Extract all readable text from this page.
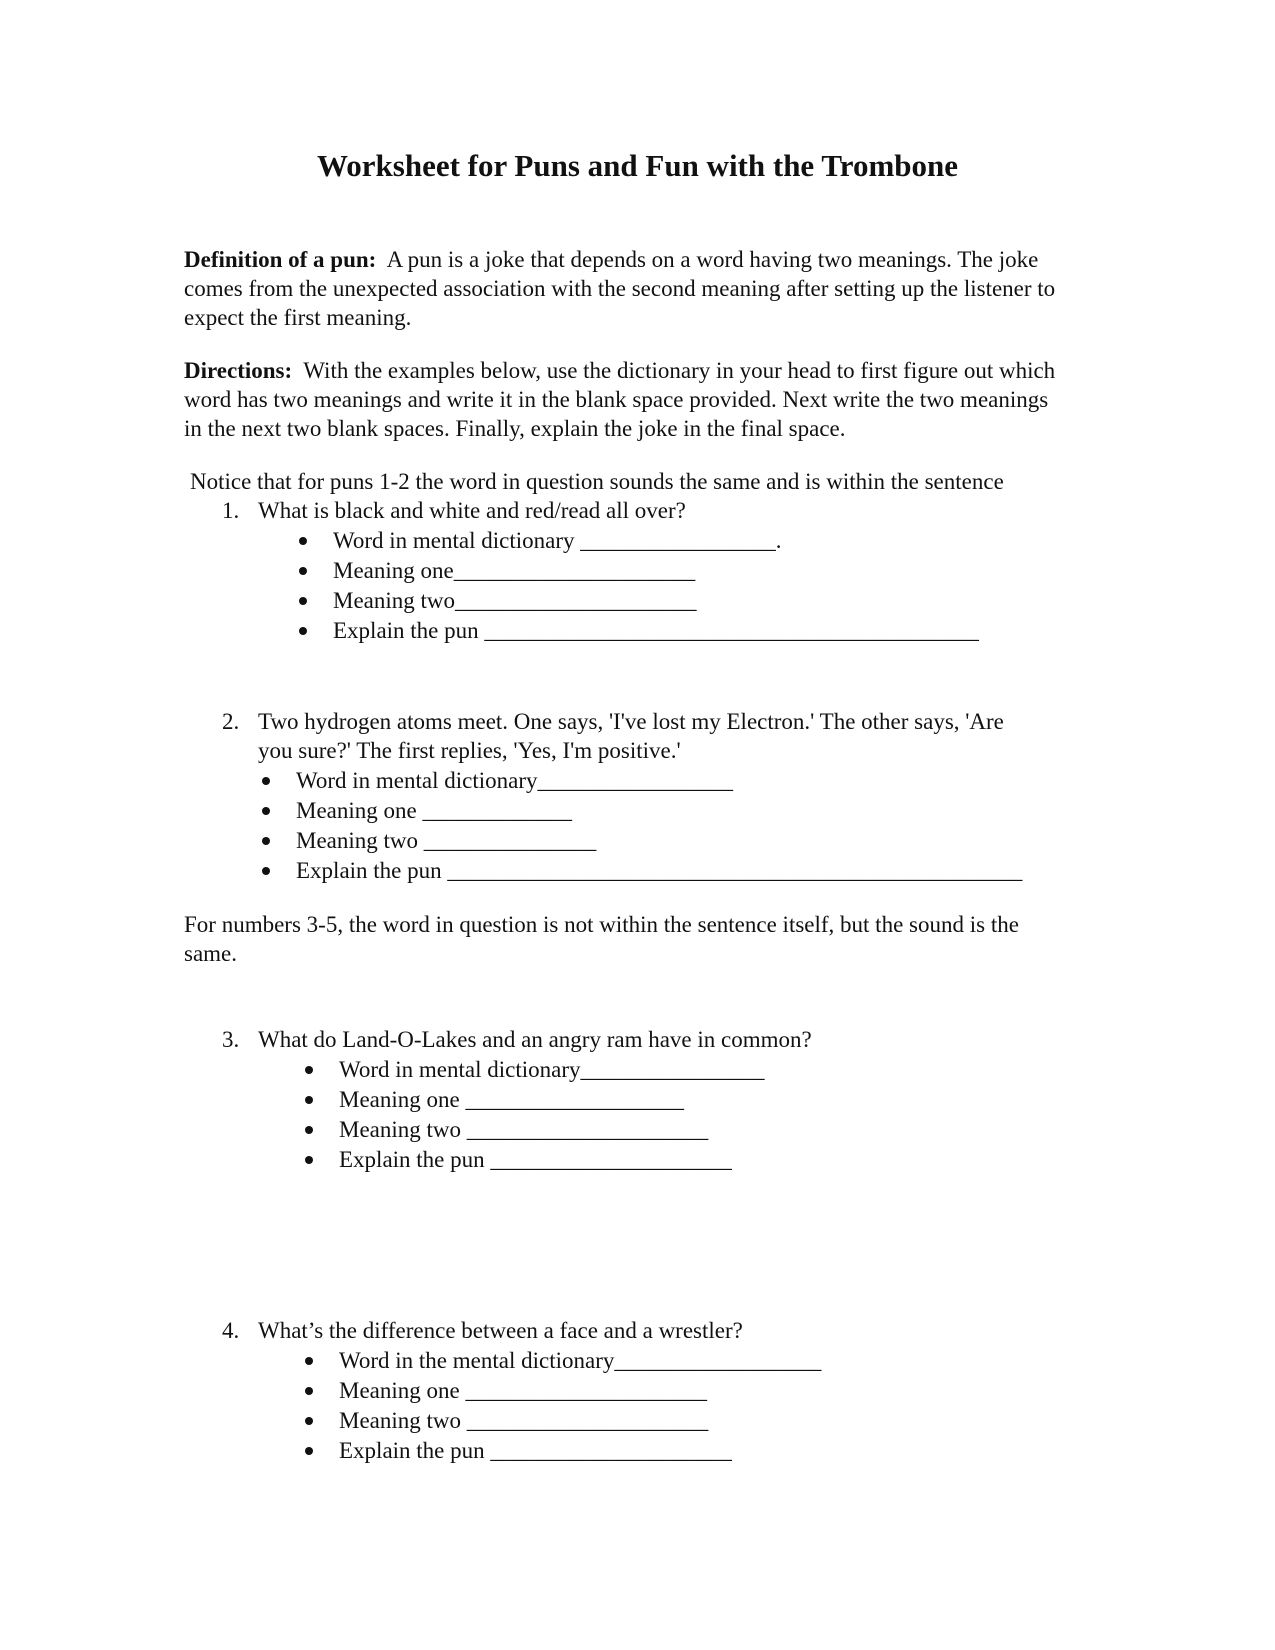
Worksheet for Puns and Fun with the Trombone

Definition of a pun: A pun is a joke that depends on a word having two meanings. The joke comes from the unexpected association with the second meaning after setting up the listener to expect the first meaning.

Directions: With the examples below, use the dictionary in your head to first figure out which word has two meanings and write it in the blank space provided. Next write the two meanings in the next two blank spaces. Finally, explain the joke in the final space.

Notice that for puns 1-2 the word in question sounds the same and is within the sentence

1. What is black and white and red/read all over?
Word in mental dictionary _________________.
Meaning one_____________________
Meaning two_____________________
Explain the pun ___________________________________________
2. Two hydrogen atoms meet. One says, 'I've lost my Electron.' The other says, 'Are
you sure?' The first replies, 'Yes, I'm positive.'
Word in mental dictionary_________________
Meaning one _____________
Meaning two _______________
Explain the pun __________________________________________________

For numbers 3-5, the word in question is not within the sentence itself, but the sound is the same.

3. What do Land-O-Lakes and an angry ram have in common?
Word in mental dictionary________________
Meaning one ___________________
Meaning two _____________________
Explain the pun _____________________
4. What’s the difference between a face and a wrestler?
Word in the mental dictionary__________________
Meaning one _____________________
Meaning two _____________________
Explain the pun _____________________
